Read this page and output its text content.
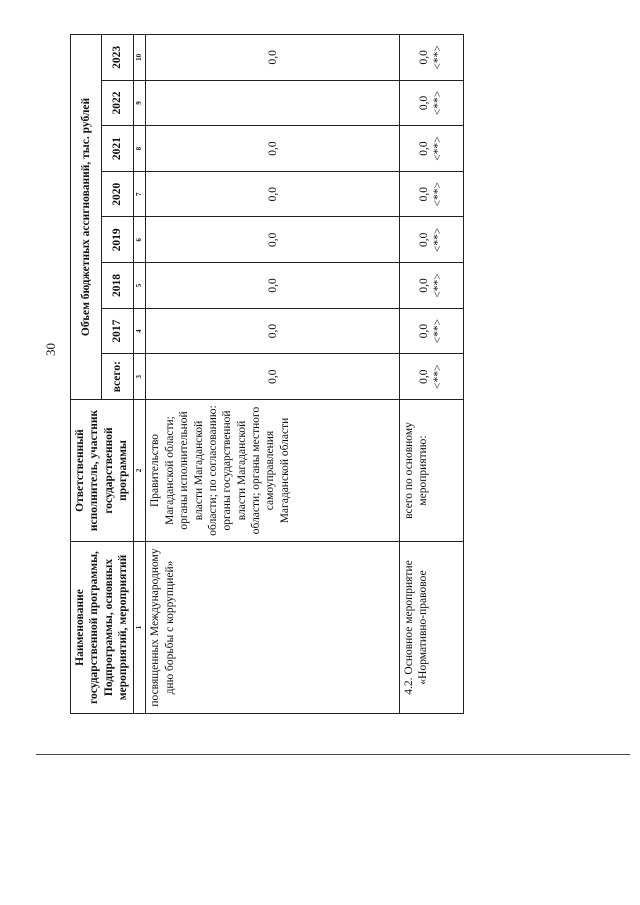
30
Наименование государственной программы, Подпрограммы, основных мероприятий, мероприятий	Ответственный исполнитель, участник государственной программы	Объем бюджетных ассигнований, тыс. рублей							
		всего:	2017	2018	2019	2020	2021	2022	2023
1	2	3	4	5	6	7	8	9	10
посвященных Международному дню борьбы с коррупцией»	Правительство Магаданской области; органы исполнительной власти Магаданской области; по согласованию: органы государственной власти Магаданской области; органы местного самоуправления Магаданской области	0,0	0,0	0,0	0,0	0,0	0,0		0,0
4.2. Основное мероприятие «Нормативно-правовое	всего по основному мероприятию:	0,0 <**>	0,0 <**>	0,0 <**>	0,0 <**>	0,0 <**>	0,0 <**>	0,0 <**>	0,0 <**>
